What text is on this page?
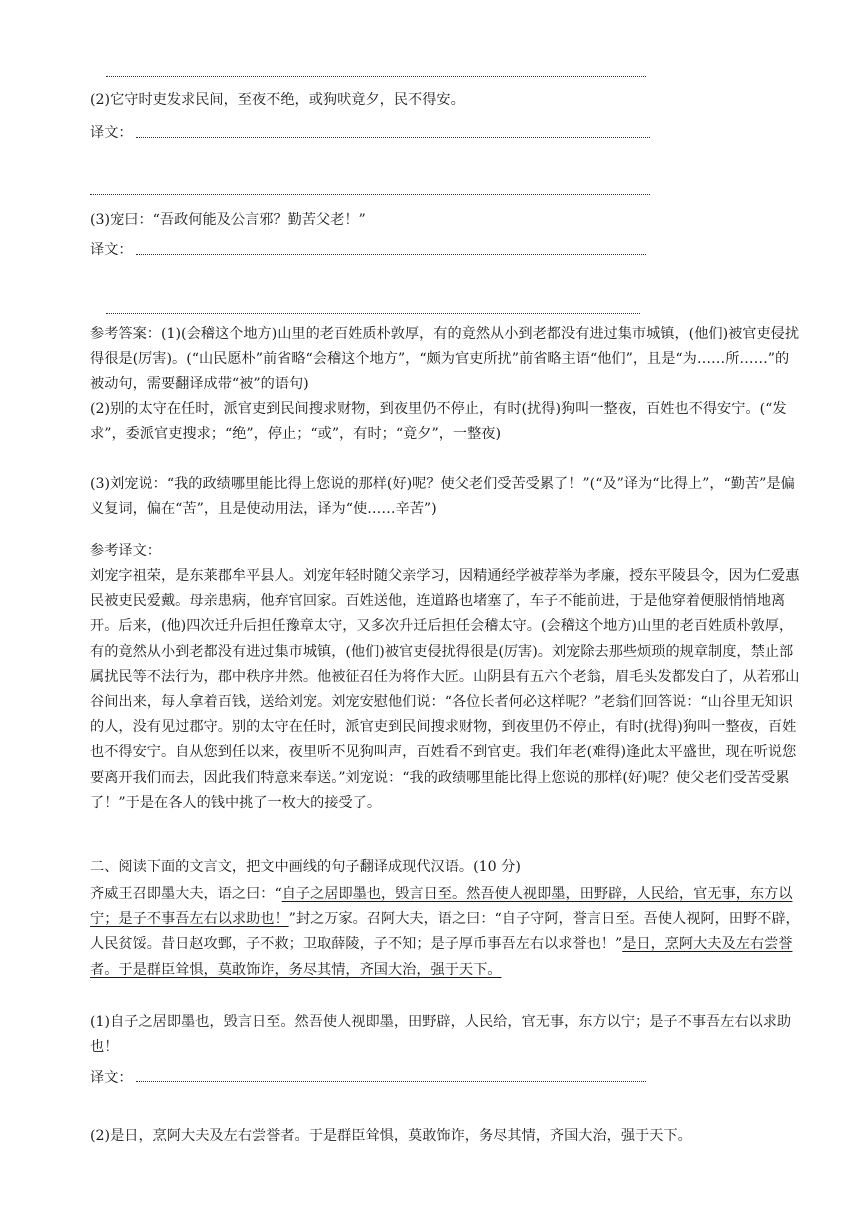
(2)它守时吏发求民间，至夜不绝，或狗吠竟夕，民不得安。
译文：
(3)宠曰：“吾政何能及公言邪？勤苦父老！”
译文：
参考答案：(1)(会稽这个地方)山里的老百姓质朴敦厚，有的竟然从小到老都没有进过集市城镇，(他们)被官吏侵扰得很是(厉害)。(“山民愿朴”前省略“会稽这个地方”，“颇为官吏所扰”前省略主语“他们”，且是“为……所……”的被动句，需要翻译成带“被”的语句)
(2)别的太守在任时，派官吏到民间搜求财物，到夜里仍不停止，有时(扰得)狗叫一整夜，百姓也不得安宁。(“发求”，委派官吏搜求；“绝”，停止；“或”，有时；“竟夕”，一整夜)
(3)刘宠说：“我的政绩哪里能比得上您说的那样(好)呢？使父老们受苦受累了！”(“及”译为“比得上”，“勤苦”是偏义复词，偏在“苦”，且是使动用法，译为“使……辛苦”)
参考译文：
刘宠字祖荣，是东莱郡牟平县人。刘宠年轻时随父亲学习，因精通经学被荐举为孝廉，授东平陵县令，因为仁爱惠民被吏民爱戴。母亲患病，他弃官回家。百姓送他，连道路也堵塞了，车子不能前进，于是他穿着便服悄悄地离开。后来，(他)四次迁升后担任豫章太守，又多次升迁后担任会稽太守。(会稽这个地方)山里的老百姓质朴敦厚，有的竟然从小到老都没有进过集市城镇，(他们)被官吏侵扰得很是(厉害)。刘宠除去那些烦琐的规章制度，禁止部属扰民等不法行为，郡中秩序井然。他被征召任为将作大匠。山阴县有五六个老翁，眉毛头发都发白了，从若邪山谷间出来，每人拿着百钱，送给刘宠。刘宠安慰他们说：“各位长者何必这样呢？”老翁们回答说：“山谷里无知识的人，没有见过郡守。别的太守在任时，派官吏到民间搜求财物，到夜里仍不停止，有时(扰得)狗叫一整夜，百姓也不得安宁。自从您到任以来，夜里听不见狗叫声，百姓看不到官吏。我们年老(难得)逢此太平盛世，现在听说您要离开我们而去，因此我们特意来奉送。”刘宠说：“我的政绩哪里能比得上您说的那样(好)呢？使父老们受苦受累了！”于是在各人的钱中挑了一枚大的接受了。
二、阅读下面的文言文，把文中画线的句子翻译成现代汉语。(10 分)
齐威王召即墨大夫，语之曰：“自子之居即墨也，毁言日至。然吾使人视即墨，田野辟，人民给，官无事，东方以宁；是子不事吾左右以求助也！”封之万家。召阿大夫，语之曰：“自子守阿，誉言日至。吾使人视阿，田野不辟，人民贫馁。昔日赵攻鄄，子不救；卫取薛陵，子不知；是子厚币事吾左右以求誉也！”是日，烹阿大夫及左右尝誉者。于是群臣耸惧，莫敢饰诈，务尽其情，齐国大治，强于天下。
(1)自子之居即墨也，毁言日至。然吾使人视即墨，田野辟，人民给，官无事，东方以宁；是子不事吾左右以求助也！
译文：
(2)是日，烹阿大夫及左右尝誉者。于是群臣耸惧，莫敢饰诈，务尽其情，齐国大治，强于天下。
